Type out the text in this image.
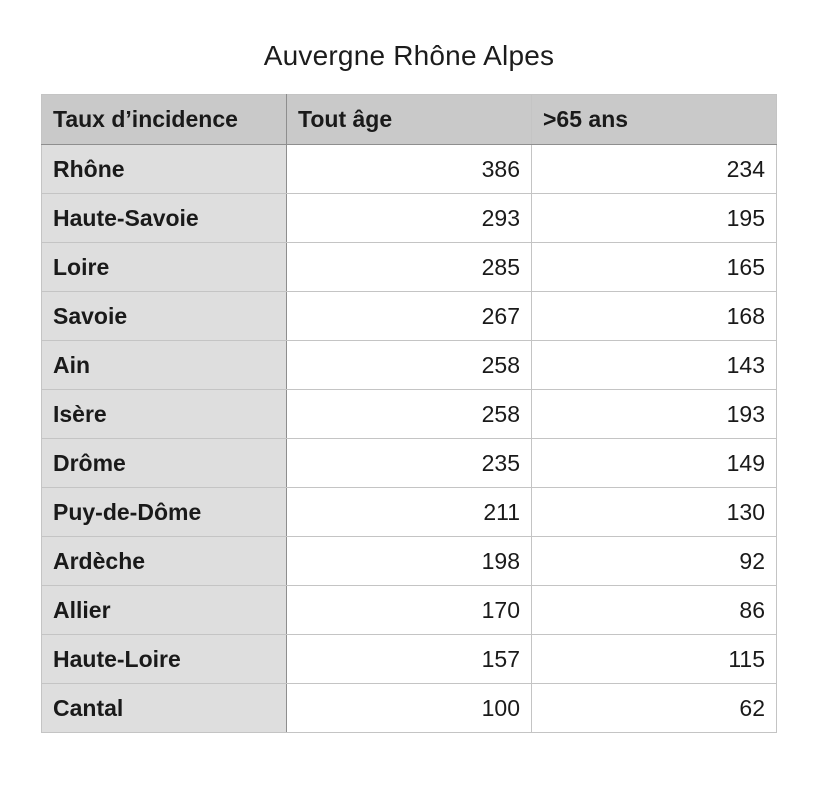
Auvergne Rhône Alpes
Taux d’incidence	Tout âge	>65 ans
Rhône	386	234
Haute-Savoie	293	195
Loire	285	165
Savoie	267	168
Ain	258	143
Isère	258	193
Drôme	235	149
Puy-de-Dôme	211	130
Ardèche	198	92
Allier	170	86
Haute-Loire	157	115
Cantal	100	62
